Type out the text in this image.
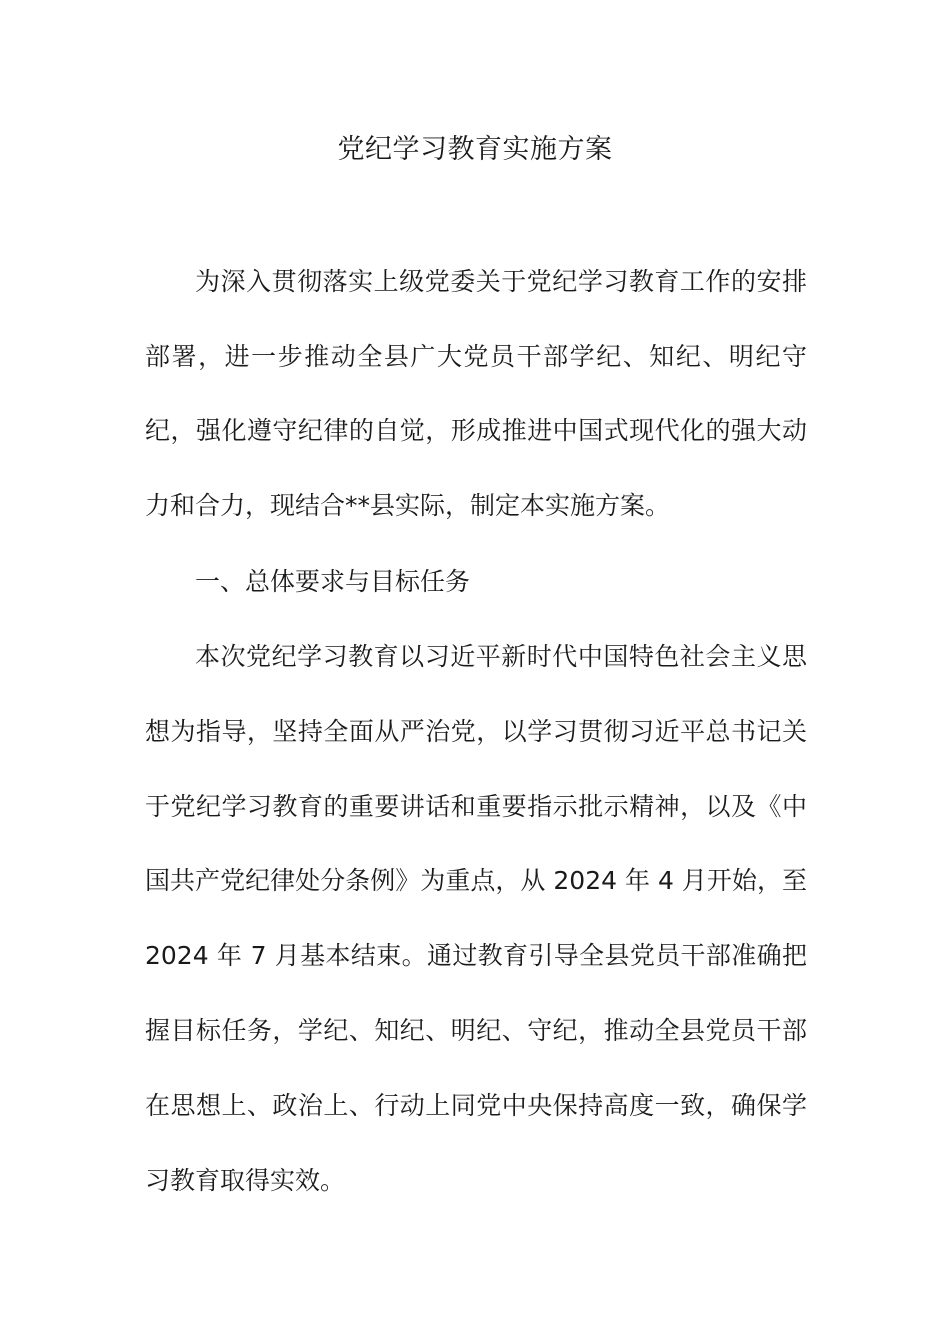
党纪学习教育实施方案

为深入贯彻落实上级党委关于党纪学习教育工作的安排部署，进一步推动全县广大党员干部学纪、知纪、明纪守纪，强化遵守纪律的自觉，形成推进中国式现代化的强大动力和合力，现结合**县实际，制定本实施方案。

一、总体要求与目标任务

本次党纪学习教育以习近平新时代中国特色社会主义思想为指导，坚持全面从严治党，以学习贯彻习近平总书记关于党纪学习教育的重要讲话和重要指示批示精神，以及《中国共产党纪律处分条例》为重点，从 2024 年 4 月开始，至 2024 年 7 月基本结束。通过教育引导全县党员干部准确把握目标任务，学纪、知纪、明纪、守纪，推动全县党员干部在思想上、政治上、行动上同党中央保持高度一致，确保学习教育取得实效。
